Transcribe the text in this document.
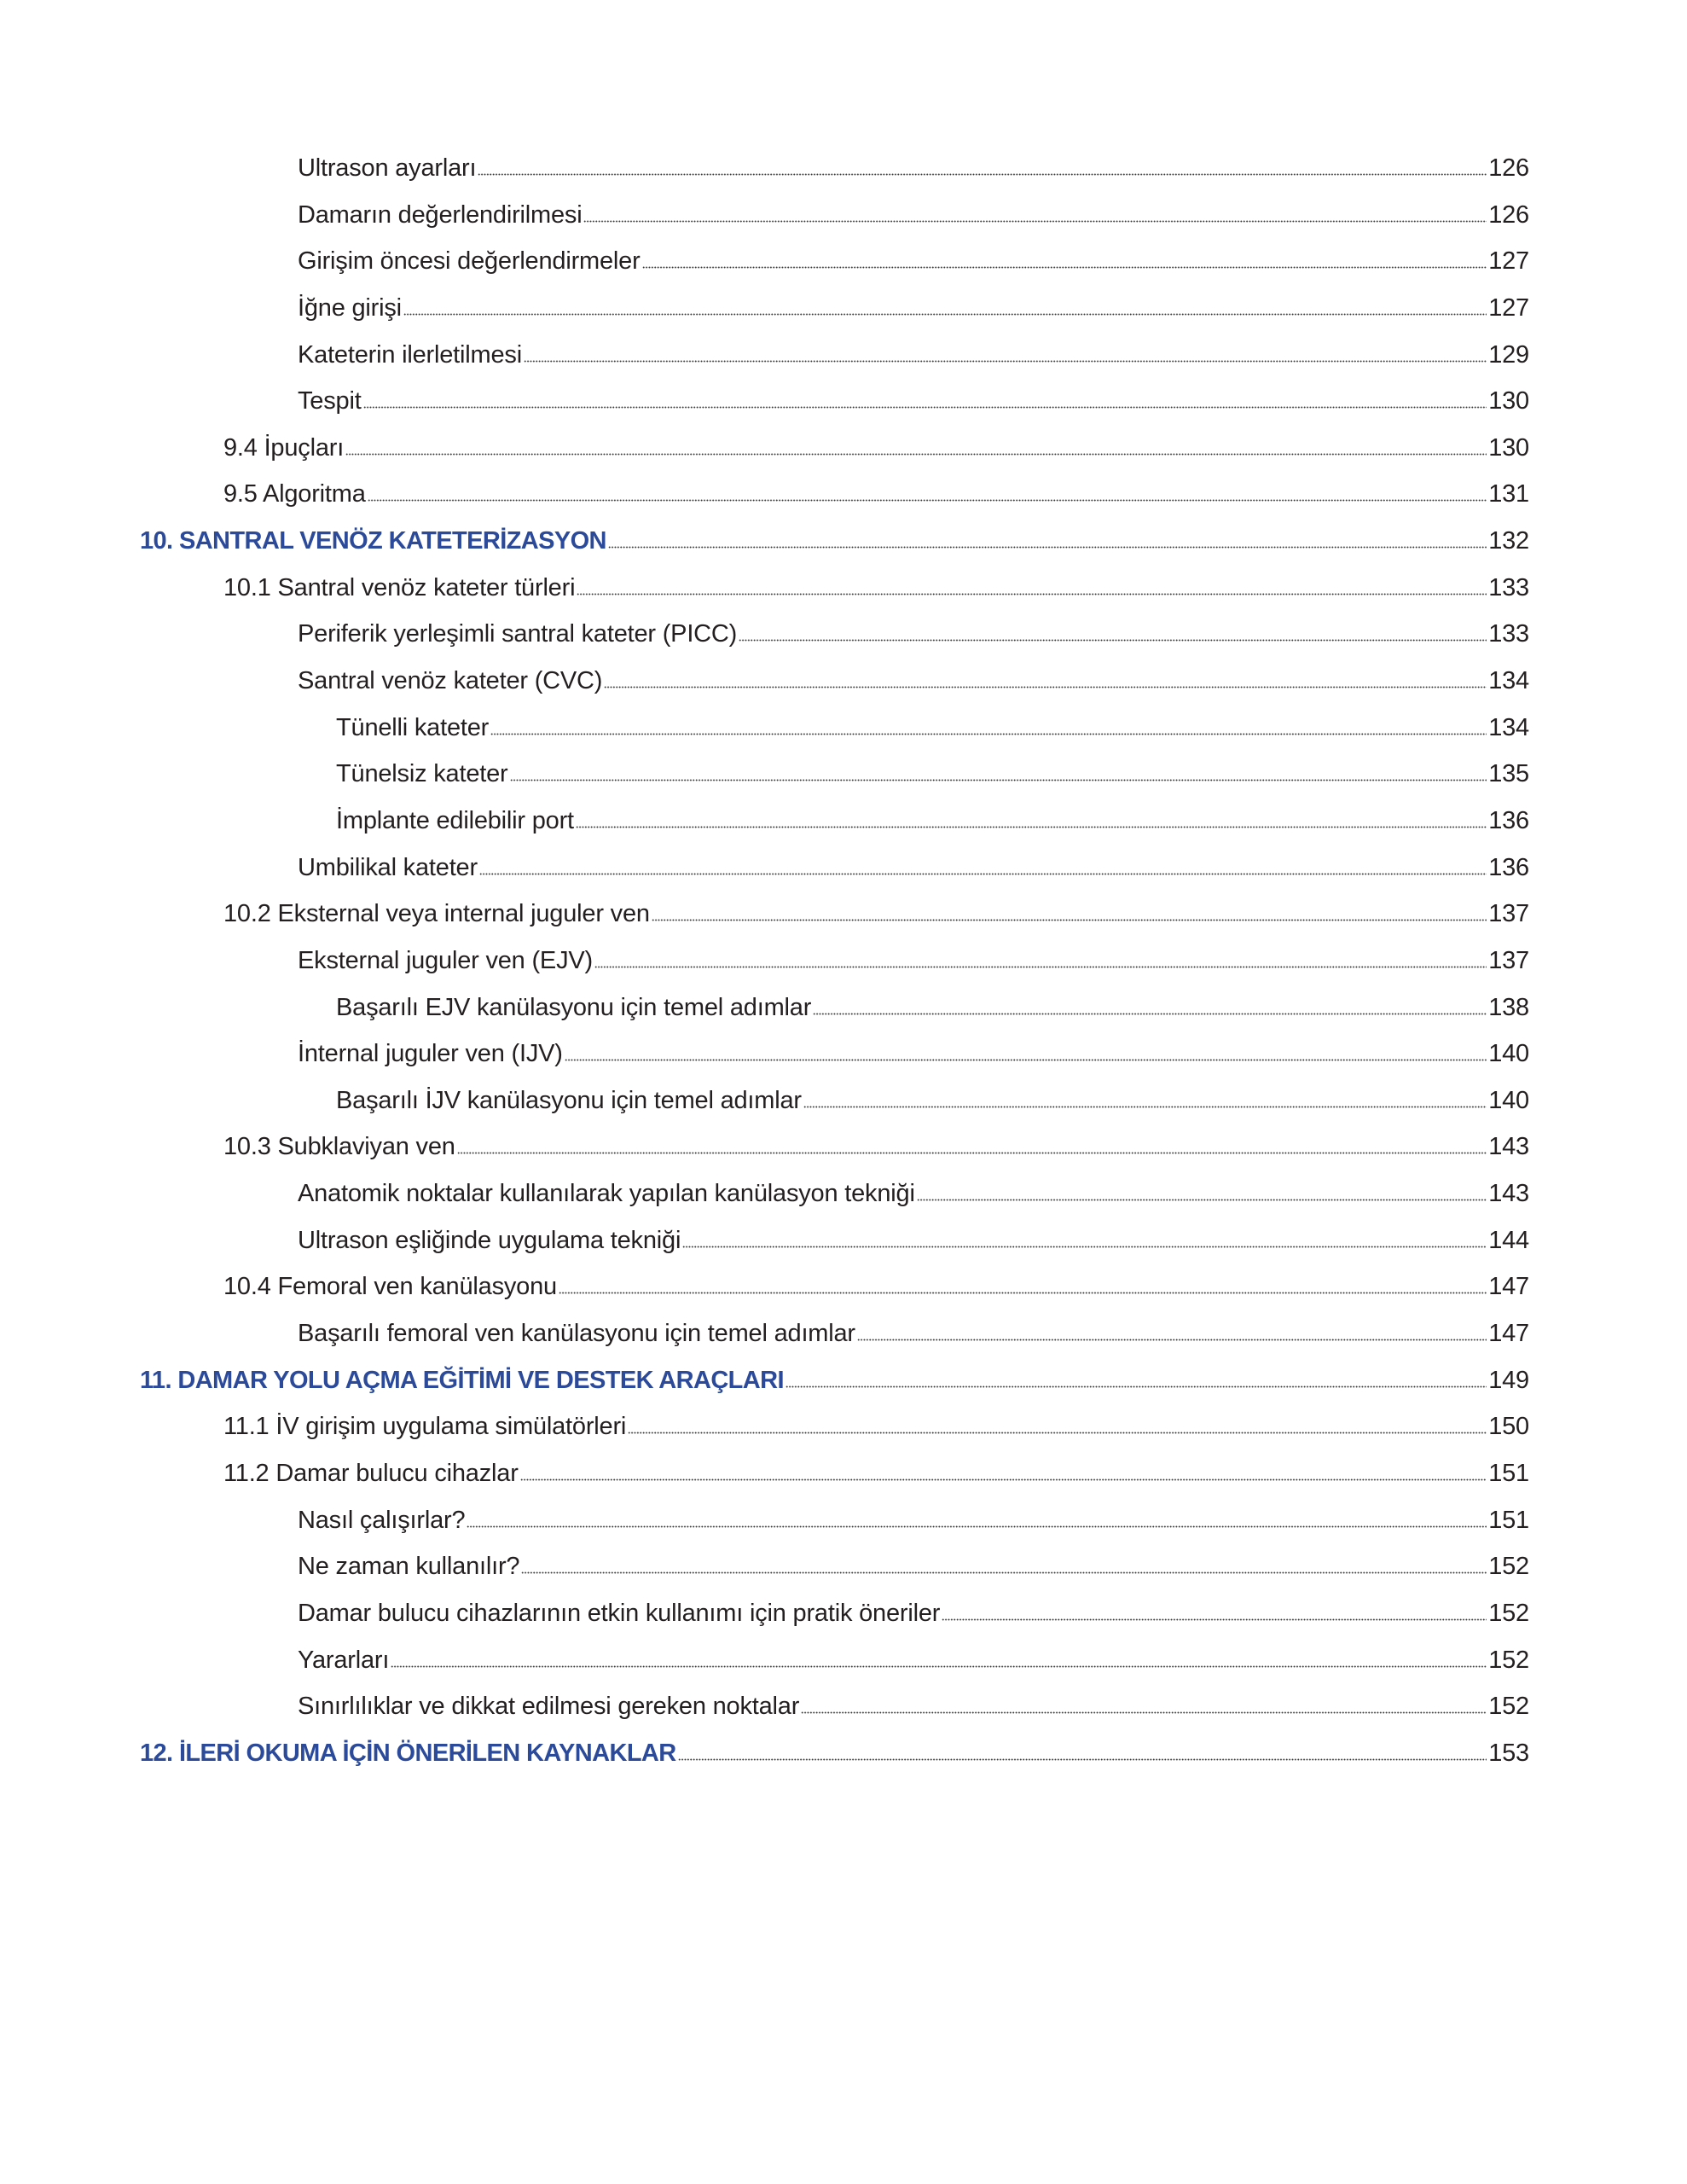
Ultrason ayarları	126
Damarın değerlendirilmesi	126
Girişim öncesi değerlendirmeler	127
İğne girişi	127
Kateterin ilerletilmesi	129
Tespit	130
9.4 İpuçları	130
9.5 Algoritma	131
10. SANTRAL VENÖZ KATETERİZASYON	132
10.1 Santral venöz kateter türleri	133
Periferik yerleşimli santral kateter (PICC)	133
Santral venöz kateter (CVC)	134
Tünelli kateter	134
Tünelsiz kateter	135
İmplante edilebilir port	136
Umbilikal kateter	136
10.2 Eksternal veya internal juguler ven	137
Eksternal juguler ven (EJV)	137
Başarılı EJV kanülasyonu için temel adımlar	138
İnternal juguler ven (IJV)	140
Başarılı İJV kanülasyonu için temel adımlar	140
10.3 Subklaviyan ven	143
Anatomik noktalar kullanılarak yapılan kanülasyon tekniği	143
Ultrason eşliğinde uygulama tekniği	144
10.4 Femoral ven kanülasyonu	147
Başarılı femoral ven kanülasyonu için temel adımlar	147
11. DAMAR YOLU AÇMA EĞİTİMİ VE DESTEK ARAÇLARI	149
11.1 İV girişim uygulama simülatörleri	150
11.2 Damar bulucu cihazlar	151
Nasıl çalışırlar?	151
Ne zaman kullanılır?	152
Damar bulucu cihazlarının etkin kullanımı için pratik öneriler	152
Yararları	152
Sınırlılıklar ve dikkat edilmesi gereken noktalar	152
12. İLERİ OKUMA İÇİN ÖNERİLEN KAYNAKLAR	153
